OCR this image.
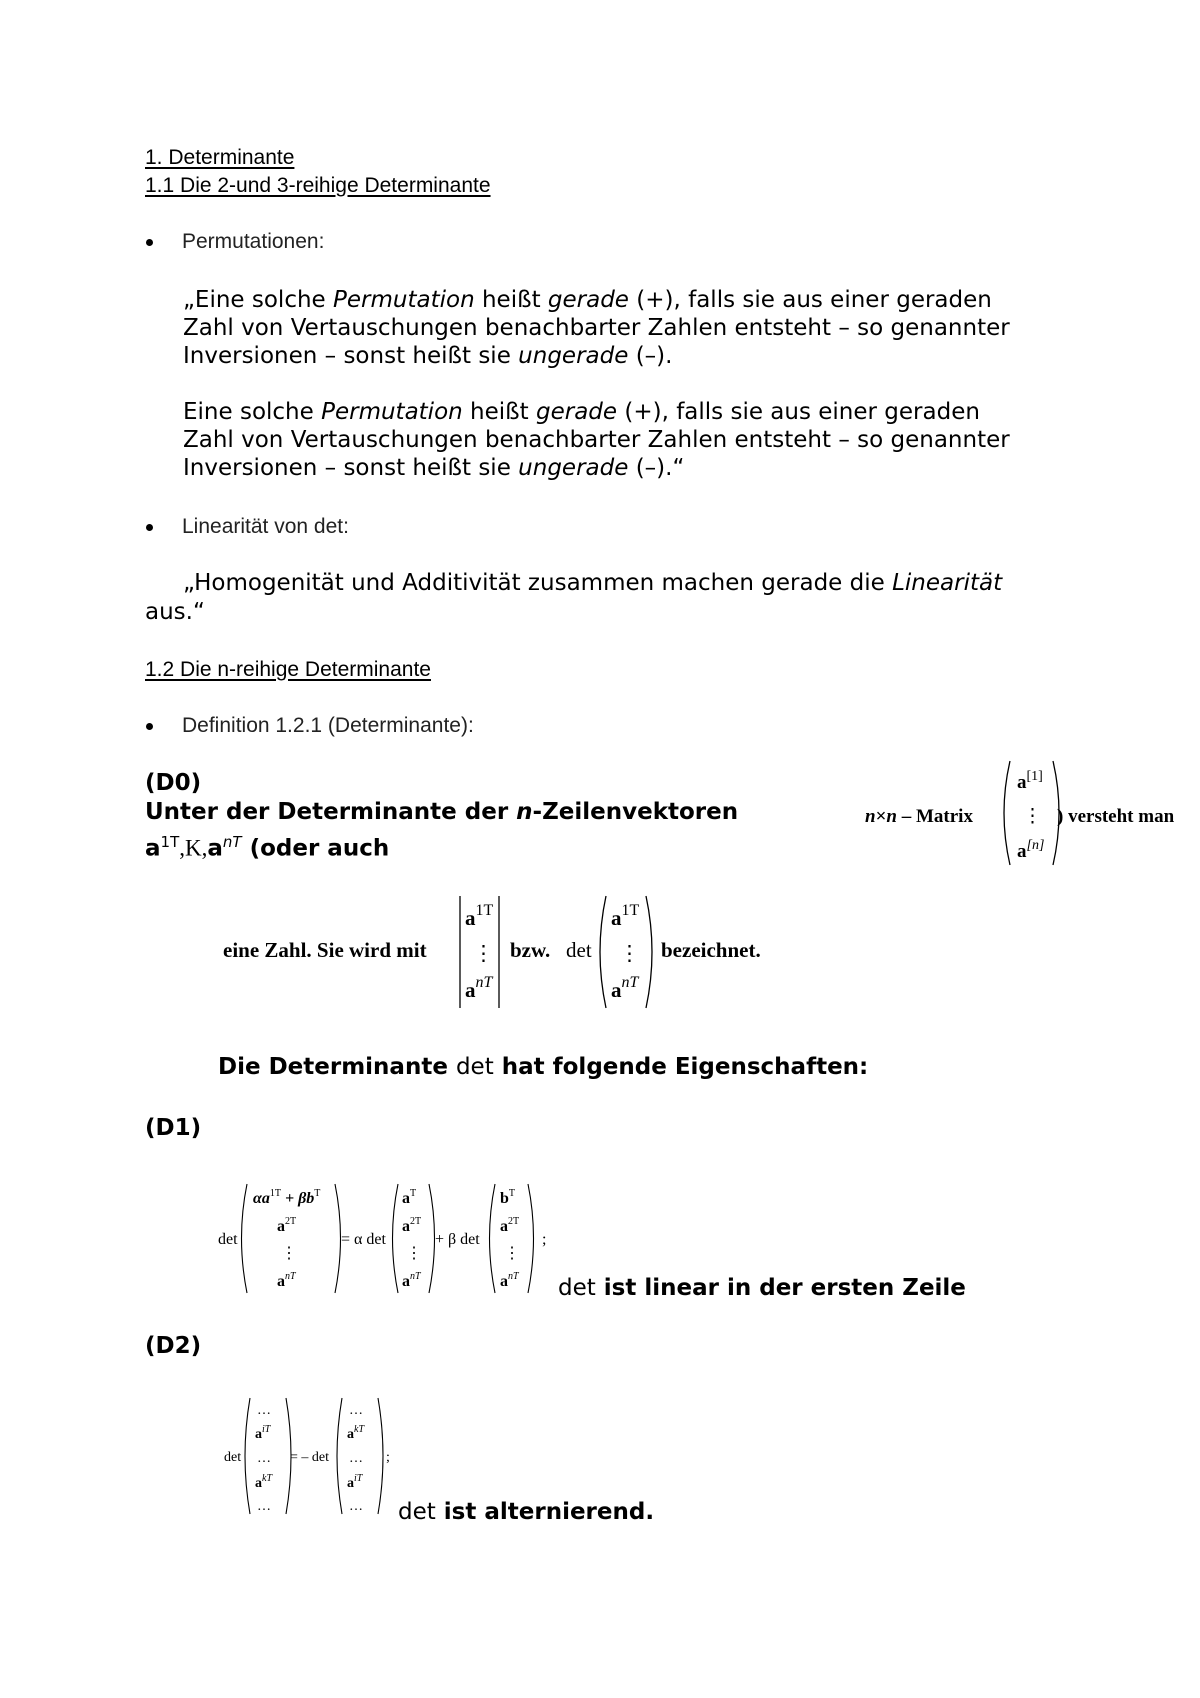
1. Determinante
1.1 Die 2-und 3-reihige Determinante
Permutationen:
„Eine solche Permutation heißt gerade (+), falls sie aus einer geraden
Zahl von Vertauschungen benachbarter Zahlen entsteht – so genannter
Inversionen – sonst heißt sie ungerade (–).
Eine solche Permutation heißt gerade (+), falls sie aus einer geraden
Zahl von Vertauschungen benachbarter Zahlen entsteht – so genannter
Inversionen – sonst heißt sie ungerade (–).“
Linearität von det:
„Homogenität und Additivität zusammen machen gerade die Linearität
aus.“
1.2 Die n-reihige Determinante
Definition 1.2.1 (Determinante):
(D0)
Unter der Determinante der n-Zeilenvektoren
$a^{1T},K,a^{nT}$ (oder auch
n×n – Matrix
a[1]
⋮
a[n]
) versteht man
eine Zahl. Sie wird mit
$a^{1T}$
⋮
$a^{nT}$
bzw. det
$a^{1T}$
⋮
$a^{nT}$
bezeichnet.
Die Determinante det hat folgende Eigenschaften:
(D1)
det
$\alpha a^{1T} + \beta b^T$
$a^{2T}$
⋮
$a^{nT}$
= α det
$a^T$
$a^{2T}$
⋮
$a^{nT}$
+ β det
$b^T$
$a^{2T}$
⋮
$a^{nT}$
;
det ist linear in der ersten Zeile
(D2)
det
…
$a^{iT}$
…
$a^{kT}$
…
= – det
…
$a^{kT}$
…
$a^{iT}$
…
;
det ist alternierend.
